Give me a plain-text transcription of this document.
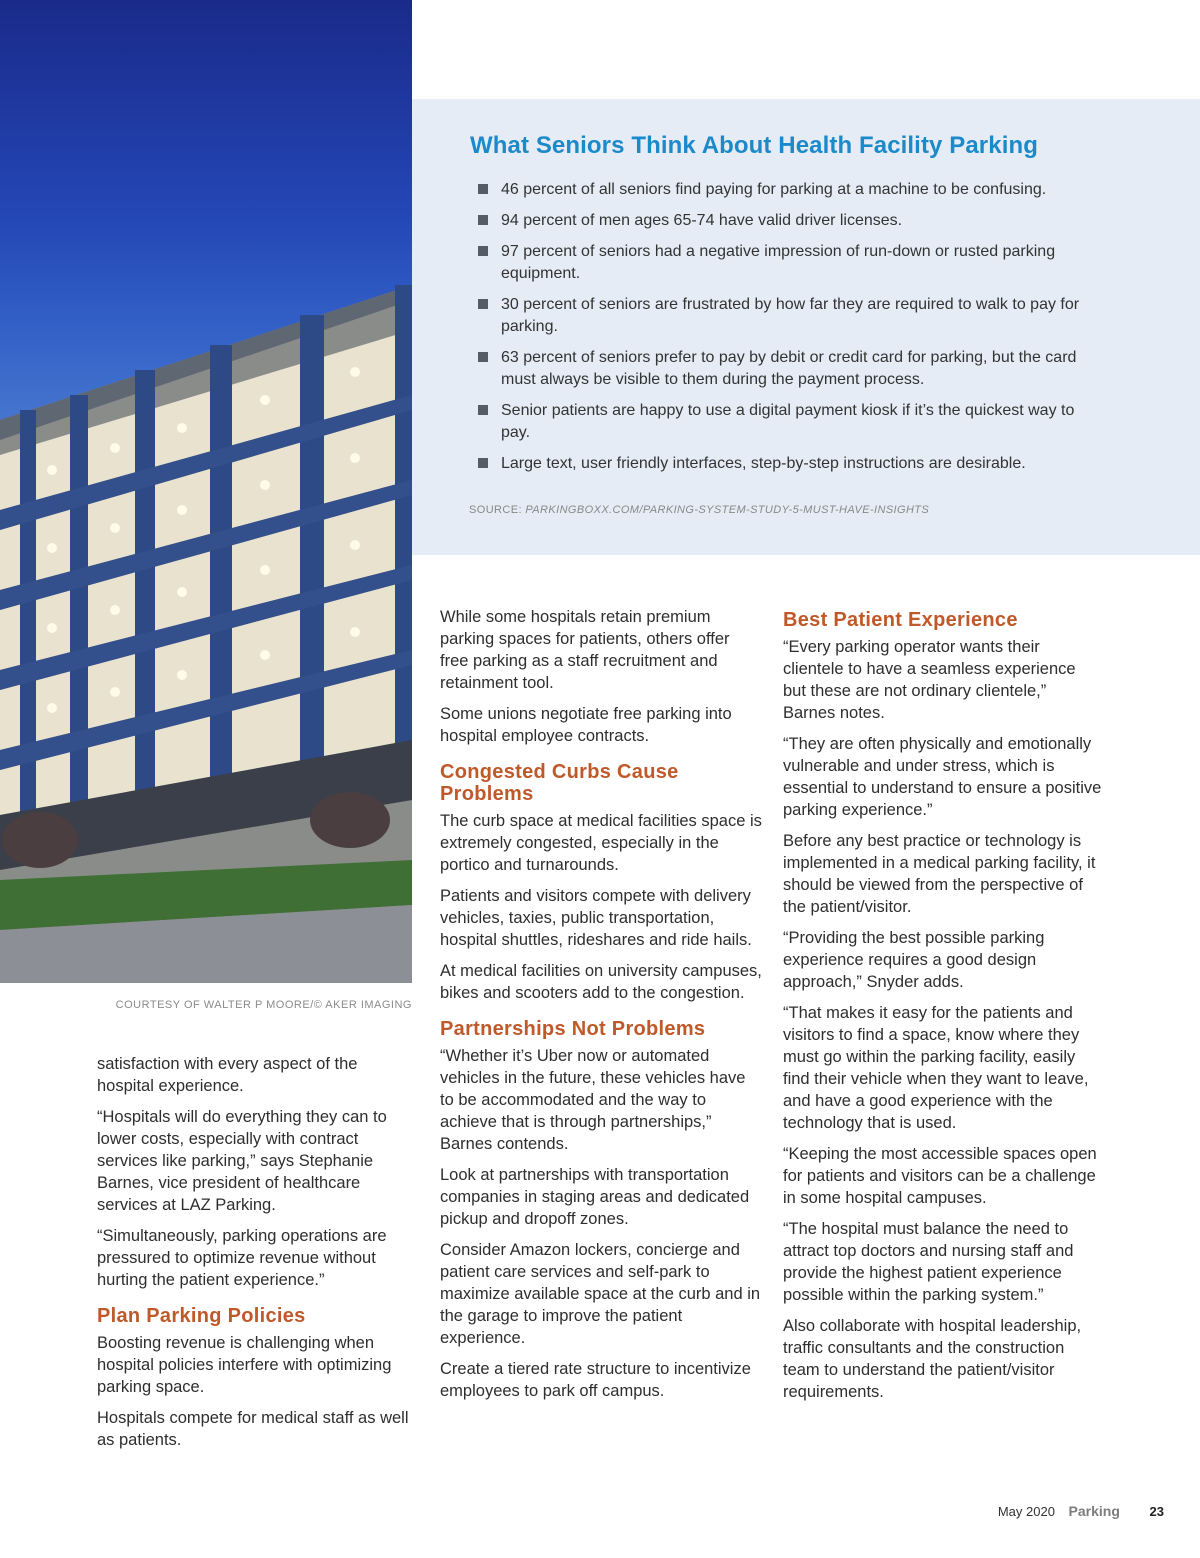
COURTESY OF WALTER P MOORE/© AKER IMAGING
What Seniors Think About Health Facility Parking
46 percent of all seniors find paying for parking at a machine to be confusing.
94 percent of men ages 65-74 have valid driver licenses.
97 percent of seniors had a negative impression of run-down or rusted parking equipment.
30 percent of seniors are frustrated by how far they are required to walk to pay for parking.
63 percent of seniors prefer to pay by debit or credit card for parking, but the card must always be visible to them during the payment process.
Senior patients are happy to use a digital payment kiosk if it’s the quickest way to pay.
Large text, user friendly interfaces, step-by-step instructions are desirable.
SOURCE: PARKINGBOXX.COM/PARKING-SYSTEM-STUDY-5-MUST-HAVE-INSIGHTS

satisfaction with every aspect of the hospital experience.

“Hospitals will do everything they can to lower costs, especially with contract services like parking,” says Stephanie Barnes, vice president of healthcare services at LAZ Parking.

“Simultaneously, parking operations are pressured to optimize revenue without hurting the patient experience.”

Plan Parking Policies

Boosting revenue is challenging when hospital policies interfere with optimizing parking space.

Hospitals compete for medical staff as well as patients.

While some hospitals retain premium parking spaces for patients, others offer free parking as a staff recruitment and retainment tool.

Some unions negotiate free parking into hospital employee contracts.

Congested Curbs Cause Problems

The curb space at medical facilities space is extremely congested, especially in the portico and turnarounds.

Patients and visitors compete with delivery vehicles, taxies, public transportation, hospital shuttles, rideshares and ride hails.

At medical facilities on university campuses, bikes and scooters add to the congestion.

Partnerships Not Problems

“Whether it’s Uber now or automated vehicles in the future, these vehicles have to be accommodated and the way to achieve that is through partnerships,” Barnes contends.

Look at partnerships with transportation companies in staging areas and dedicated pickup and dropoff zones.

Consider Amazon lockers, concierge and patient care services and self-park to maximize available space at the curb and in the garage to improve the patient experience.

Create a tiered rate structure to incentivize employees to park off campus.

Best Patient Experience

“Every parking operator wants their clientele to have a seamless experience but these are not ordinary clientele,” Barnes notes.

“They are often physically and emotionally vulnerable and under stress, which is essential to understand to ensure a positive parking experience.”

Before any best practice or technology is implemented in a medical parking facility, it should be viewed from the perspective of the patient/visitor.

“Providing the best possible parking experience requires a good design approach,” Snyder adds.

“That makes it easy for the patients and visitors to find a space, know where they must go within the parking facility, easily find their vehicle when they want to leave, and have a good experience with the technology that is used.

“Keeping the most accessible spaces open for patients and visitors can be a challenge in some hospital campuses.

“The hospital must balance the need to attract top doctors and nursing staff and provide the highest patient experience possible within the parking system.”

Also collaborate with hospital leadership, traffic consultants and the construction team to understand the patient/visitor requirements.

May 2020 Parking 23
